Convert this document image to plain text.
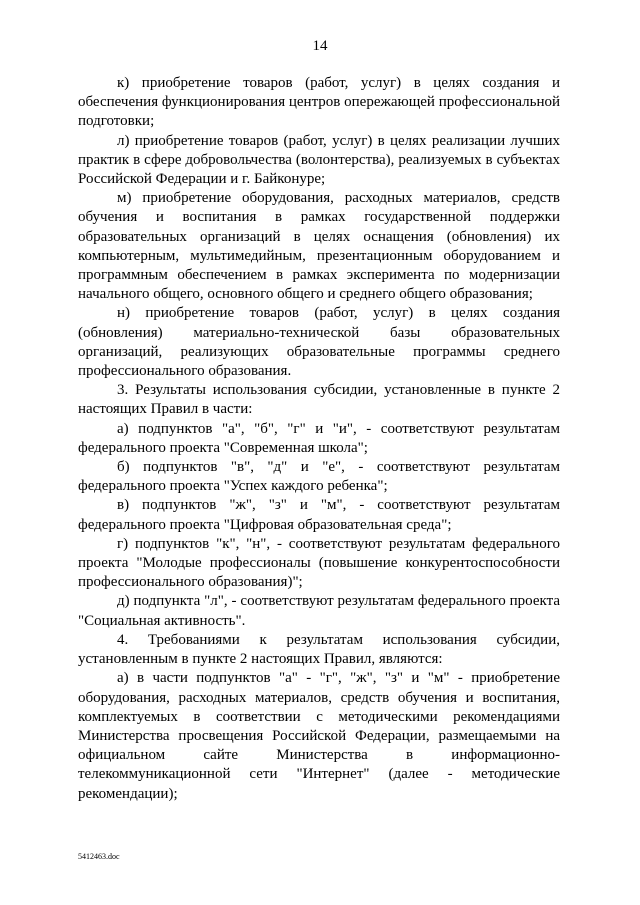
14

к) приобретение товаров (работ, услуг) в целях создания и обеспечения функционирования центров опережающей профессиональной подготовки;

л) приобретение товаров (работ, услуг) в целях реализации лучших практик в сфере добровольчества (волонтерства), реализуемых в субъектах Российской Федерации и г. Байконуре;

м) приобретение оборудования, расходных материалов, средств обучения и воспитания в рамках государственной поддержки образовательных организаций в целях оснащения (обновления) их компьютерным, мультимедийным, презентационным оборудованием и программным обеспечением в рамках эксперимента по модернизации начального общего, основного общего и среднего общего образования;

н) приобретение товаров (работ, услуг) в целях создания (обновления) материально-технической базы образовательных организаций, реализующих образовательные программы среднего профессионального образования.

3. Результаты использования субсидии, установленные в пункте 2 настоящих Правил в части:

а) подпунктов "а", "б", "г" и "и", - соответствуют результатам федерального проекта "Современная школа";

б) подпунктов "в", "д" и "е", - соответствуют результатам федерального проекта "Успех каждого ребенка";

в) подпунктов "ж", "з" и "м", - соответствуют результатам федерального проекта "Цифровая образовательная среда";

г) подпунктов "к", "н", - соответствуют результатам федерального проекта "Молодые профессионалы (повышение конкурентоспособности профессионального образования)";

д) подпункта "л", - соответствуют результатам федерального проекта "Социальная активность".

4. Требованиями к результатам использования субсидии, установленным в пункте 2 настоящих Правил, являются:

а) в части подпунктов "а" - "г", "ж", "з" и "м" - приобретение оборудования, расходных материалов, средств обучения и воспитания, комплектуемых в соответствии с методическими рекомендациями Министерства просвещения Российской Федерации, размещаемыми на официальном сайте Министерства в информационно-телекоммуникационной сети "Интернет" (далее - методические рекомендации);

5412463.doc
